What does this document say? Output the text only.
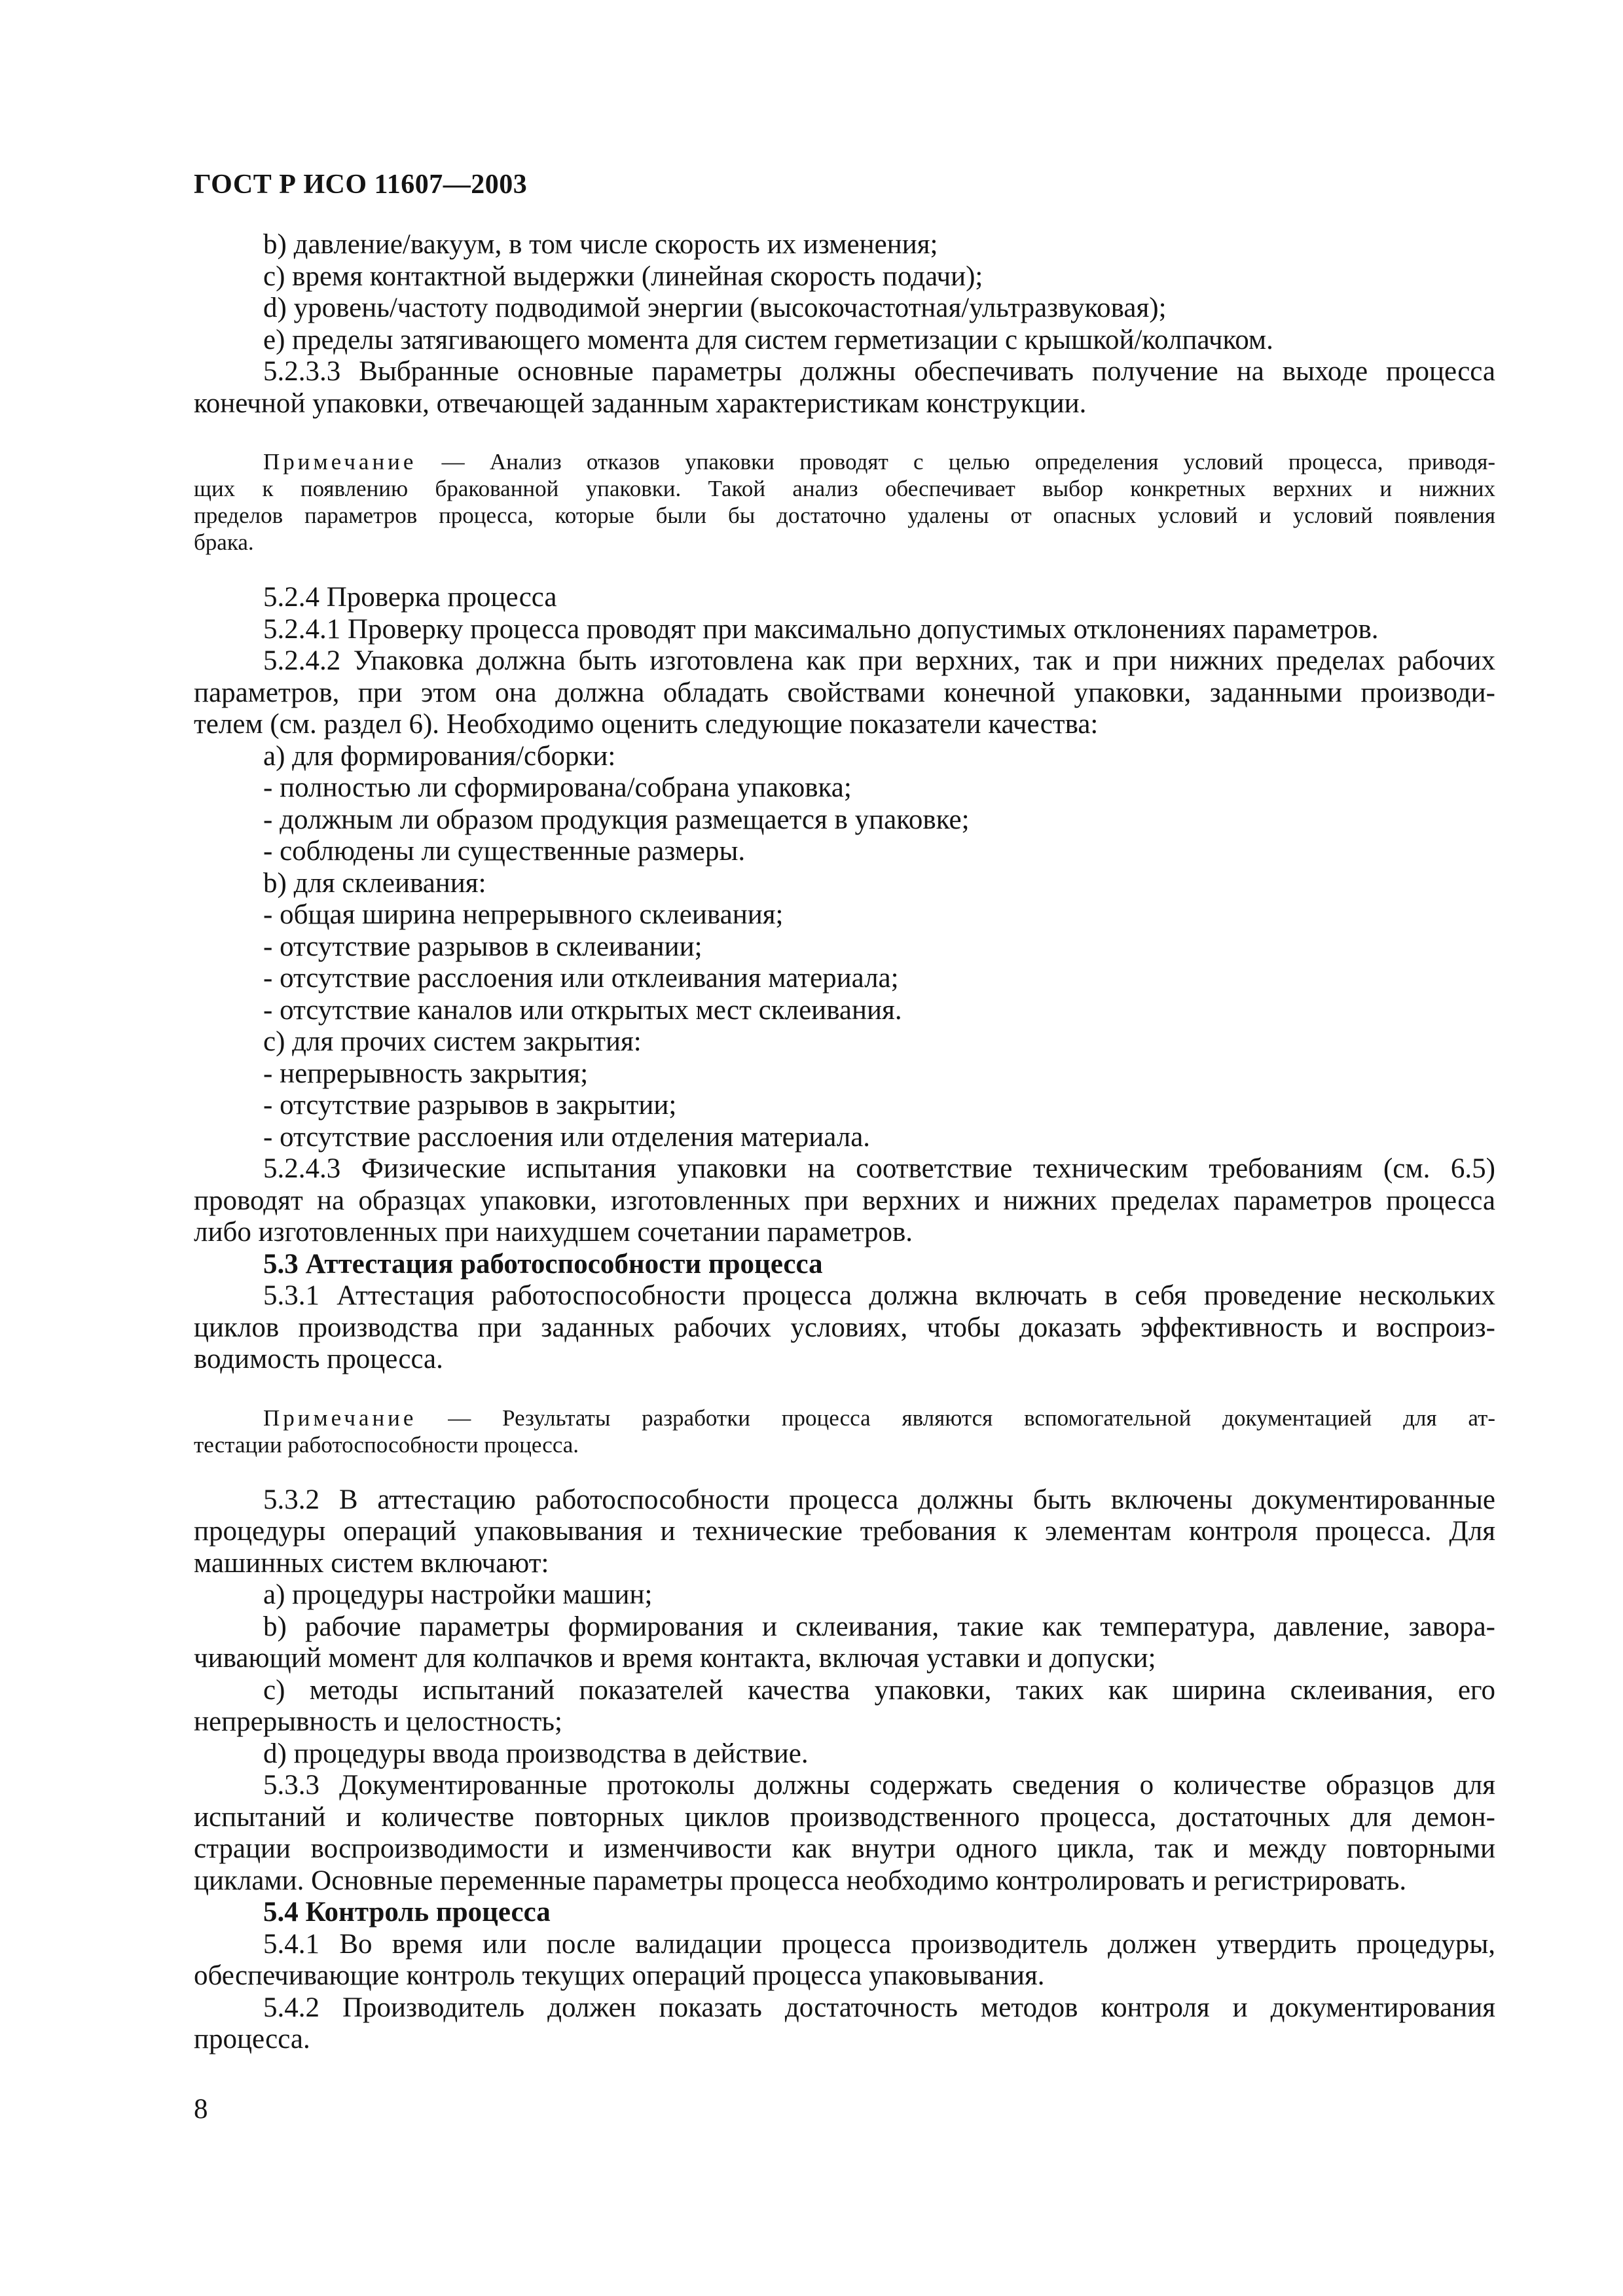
ГОСТ Р ИСО 11607—2003
b) давление/вакуум, в том числе скорость их изменения;
c) время контактной выдержки (линейная скорость подачи);
d) уровень/частоту подводимой энергии (высокочастотная/ультразвуковая);
e) пределы затягивающего момента для систем герметизации с крышкой/колпачком.
5.2.3.3 Выбранные основные параметры должны обеспечивать получение на выходе процесса
конечной упаковки, отвечающей заданным характеристикам конструкции.
Примечание — Анализ отказов упаковки проводят с целью определения условий процесса, приводя-
щих к появлению бракованной упаковки. Такой анализ обеспечивает выбор конкретных верхних и нижних
пределов параметров процесса, которые были бы достаточно удалены от опасных условий и условий появления
брака.
5.2.4 Проверка процесса
5.2.4.1 Проверку процесса проводят при максимально допустимых отклонениях параметров.
5.2.4.2 Упаковка должна быть изготовлена как при верхних, так и при нижних пределах рабочих
параметров, при этом она должна обладать свойствами конечной упаковки, заданными производи-
телем (см. раздел 6). Необходимо оценить следующие показатели качества:
a) для формирования/сборки:
- полностью ли сформирована/собрана упаковка;
- должным ли образом продукция размещается в упаковке;
- соблюдены ли существенные размеры.
b) для склеивания:
- общая ширина непрерывного склеивания;
- отсутствие разрывов в склеивании;
- отсутствие расслоения или отклеивания материала;
- отсутствие каналов или открытых мест склеивания.
c) для прочих систем закрытия:
- непрерывность закрытия;
- отсутствие разрывов в закрытии;
- отсутствие расслоения или отделения материала.
5.2.4.3 Физические испытания упаковки на соответствие техническим требованиям (см. 6.5)
проводят на образцах упаковки, изготовленных при верхних и нижних пределах параметров процесса
либо изготовленных при наихудшем сочетании параметров.
5.3 Аттестация работоспособности процесса
5.3.1 Аттестация работоспособности процесса должна включать в себя проведение нескольких
циклов производства при заданных рабочих условиях, чтобы доказать эффективность и воспроиз-
водимость процесса.
Примечание — Результаты разработки процесса являются вспомогательной документацией для ат-
тестации работоспособности процесса.
5.3.2 В аттестацию работоспособности процесса должны быть включены документированные
процедуры операций упаковывания и технические требования к элементам контроля процесса. Для
машинных систем включают:
a) процедуры настройки машин;
b) рабочие параметры формирования и склеивания, такие как температура, давление, завора-
чивающий момент для колпачков и время контакта, включая уставки и допуски;
c) методы испытаний показателей качества упаковки, таких как ширина склеивания, его
непрерывность и целостность;
d) процедуры ввода производства в действие.
5.3.3 Документированные протоколы должны содержать сведения о количестве образцов для
испытаний и количестве повторных циклов производственного процесса, достаточных для демон-
страции воспроизводимости и изменчивости как внутри одного цикла, так и между повторными
циклами. Основные переменные параметры процесса необходимо контролировать и регистрировать.
5.4 Контроль процесса
5.4.1 Во время или после валидации процесса производитель должен утвердить процедуры,
обеспечивающие контроль текущих операций процесса упаковывания.
5.4.2 Производитель должен показать достаточность методов контроля и документирования
процесса.
8
